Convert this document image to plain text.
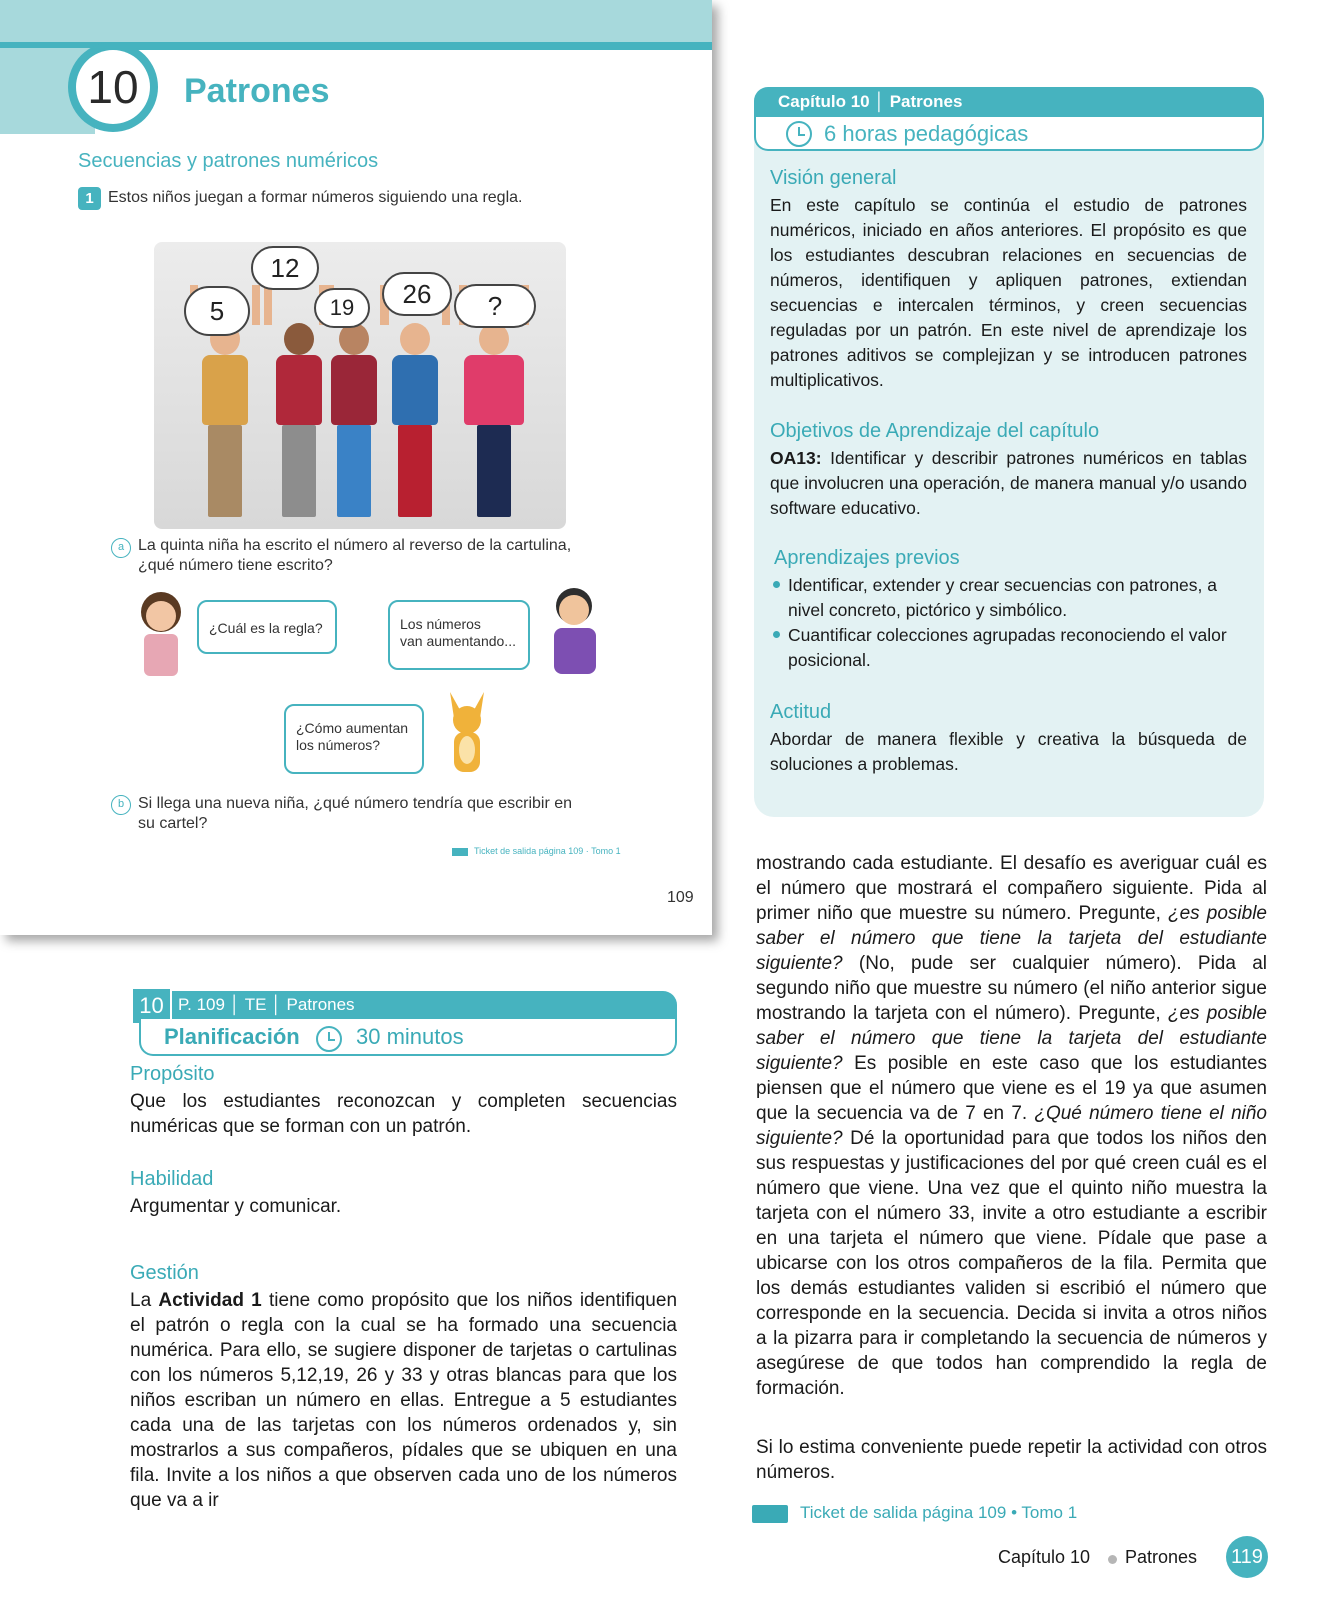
10	Patrones
Secuencias y patrones numéricos
1 Estos niños juegan a formar números siguiendo una regla.
5
12
19	26	?
a La quinta niña ha escrito el número al reverso de la cartulina,
¿qué número tiene escrito?
¿Cuál es la regla?	Los números
van aumentando...
¿Cómo aumentan
los números?
b Si llega una nueva niña, ¿qué número tendría que escribir en
su cartel?
Ticket de salida página 109 · Tomo 1
109
Capítulo 10 │ Patrones
6 horas pedagógicas
Visión general
En este capítulo se continúa el estudio de patrones numéricos, iniciado en años anteriores. El propósito es que los estudiantes descubran relaciones en secuencias de números, identifiquen y apliquen patrones, extiendan secuencias e intercalen términos, y creen secuencias reguladas por un patrón. En este nivel de aprendizaje los patrones aditivos se complejizan y se introducen patrones multiplicativos.
Objetivos de Aprendizaje del capítulo
OA13: Identificar y describir patrones numéricos en tablas que involucren una operación, de manera manual y/o usando software educativo.
Aprendizajes previos
Identificar, extender y crear secuencias con patrones, a nivel concreto, pictórico y simbólico.
Cuantificar colecciones agrupadas reconociendo el valor posicional.
Actitud
Abordar de manera flexible y creativa la búsqueda de soluciones a problemas.
10 P. 109 │ TE │ Patrones
Planificación	30 minutos
Propósito
Que los estudiantes reconozcan y completen secuencias numéricas que se forman con un patrón.
Habilidad
Argumentar y comunicar.
Gestión
La Actividad 1 tiene como propósito que los niños identifiquen el patrón o regla con la cual se ha formado una secuencia numérica. Para ello, se sugiere disponer de tarjetas o cartulinas con los números 5,12,19, 26 y 33 y otras blancas para que los niños escriban un número en ellas. Entregue a 5 estudiantes cada una de las tarjetas con los números ordenados y, sin mostrarlos a sus compañeros, pídales que se ubiquen en una fila. Invite a los niños a que observen cada uno de los números que va a ir
mostrando cada estudiante. El desafío es averiguar cuál es el número que mostrará el compañero siguiente. Pida al primer niño que muestre su número. Pregunte, ¿es posible saber el número que tiene la tarjeta del estudiante siguiente? (No, pude ser cualquier número). Pida al segundo niño que muestre su número (el niño anterior sigue mostrando la tarjeta con el número). Pregunte, ¿es posible saber el número que tiene la tarjeta del estudiante siguiente? Es posible en este caso que los estudiantes piensen que el número que viene es el 19 ya que asumen que la secuencia va de 7 en 7. ¿Qué número tiene el niño siguiente? Dé la oportunidad para que todos los niños den sus respuestas y justificaciones del por qué creen cuál es el número que viene. Una vez que el quinto niño muestra la tarjeta con el número 33, invite a otro estudiante a escribir en una tarjeta el número que viene. Pídale que pase a ubicarse con los otros compañeros de la fila. Permita que los demás estudiantes validen si escribió el número que corresponde en la secuencia. Decida si invita a otros niños a la pizarra para ir completando la secuencia de números y asegúrese de que todos han comprendido la regla de formación.
Si lo estima conveniente puede repetir la actividad con otros números.
Ticket de salida página 109 • Tomo 1
Capítulo 10 Patrones 119
